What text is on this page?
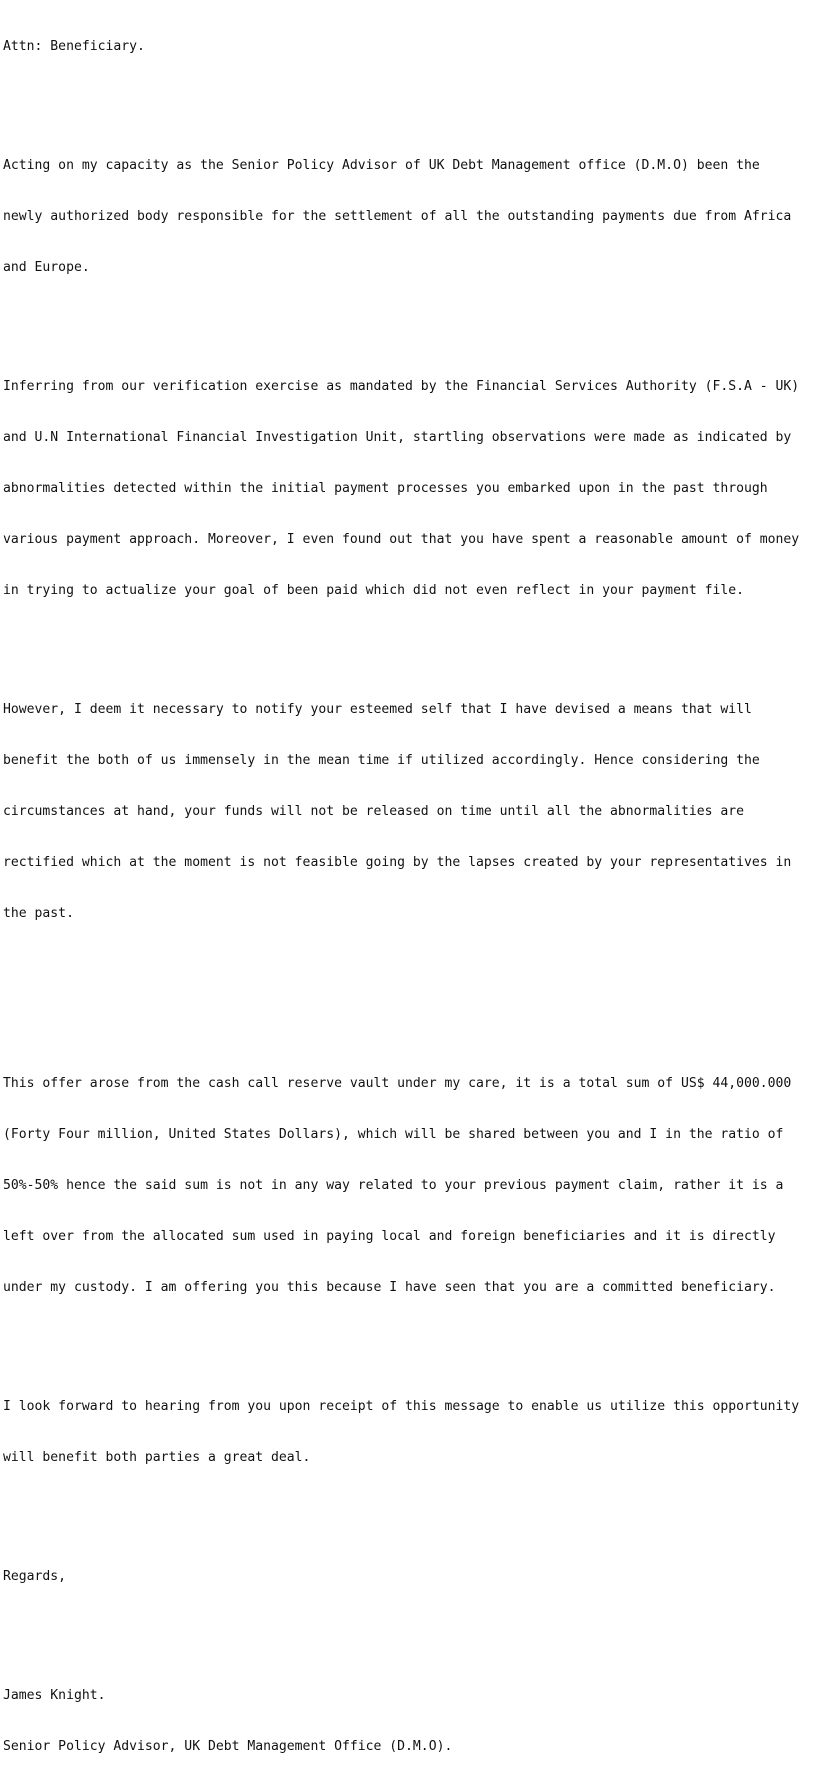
Attn: Beneficiary.

Acting on my capacity as the Senior Policy Advisor of UK Debt Management office (D.M.O) been the

newly authorized body responsible for the settlement of all the outstanding payments due from Africa

and Europe.

Inferring from our verification exercise as mandated by the Financial Services Authority (F.S.A - UK)

and U.N International Financial Investigation Unit, startling observations were made as indicated by

abnormalities detected within the initial payment processes you embarked upon in the past through

various payment approach. Moreover, I even found out that you have spent a reasonable amount of money

in trying to actualize your goal of been paid which did not even reflect in your payment file.

However, I deem it necessary to notify your esteemed self that I have devised a means that will

benefit the both of us immensely in the mean time if utilized accordingly. Hence considering the

circumstances at hand, your funds will not be released on time until all the abnormalities are

rectified which at the moment is not feasible going by the lapses created by your representatives in

the past.

This offer arose from the cash call reserve vault under my care, it is a total sum of US$ 44,000.000

(Forty Four million, United States Dollars), which will be shared between you and I in the ratio of

50%-50% hence the said sum is not in any way related to your previous payment claim, rather it is a

left over from the allocated sum used in paying local and foreign beneficiaries and it is directly

under my custody. I am offering you this because I have seen that you are a committed beneficiary.

I look forward to hearing from you upon receipt of this message to enable us utilize this opportunity

will benefit both parties a great deal.

Regards,

James Knight.

Senior Policy Advisor, UK Debt Management Office (D.M.O).
